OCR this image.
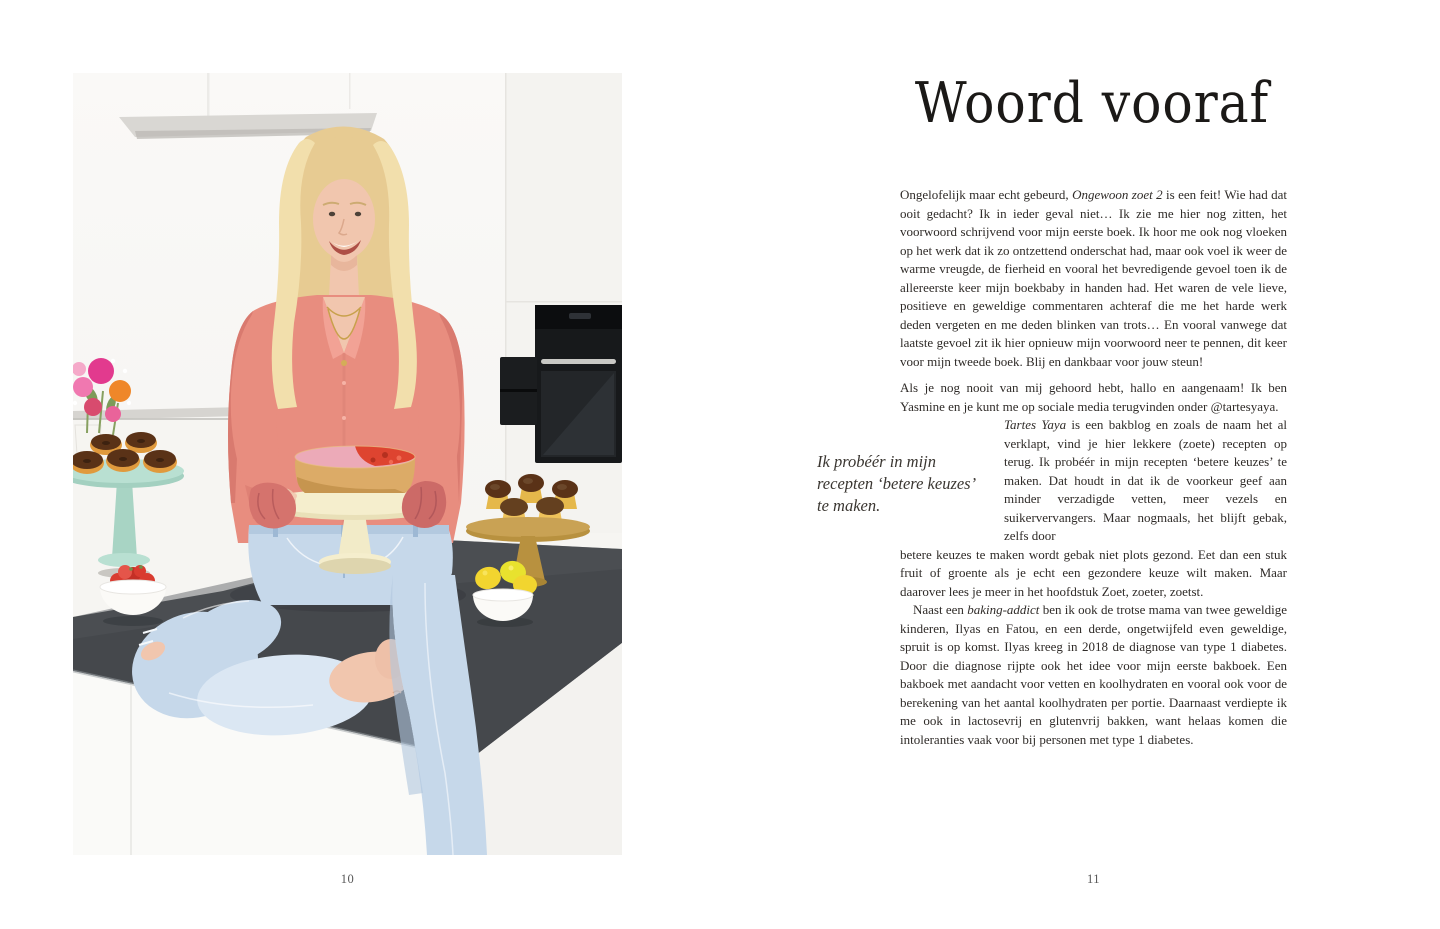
10
Woord vooraf
Ik probéér in mijn recepten ‘betere keuzes’ te maken.

Ongelofelijk maar echt gebeurd, Ongewoon zoet 2 is een feit! Wie had dat ooit gedacht? Ik in ieder geval niet… Ik zie me hier nog zitten, het voorwoord schrijvend voor mijn eerste boek. Ik hoor me ook nog vloeken op het werk dat ik zo ontzettend onderschat had, maar ook voel ik weer de warme vreugde, de fierheid en vooral het bevredigende gevoel toen ik de allereerste keer mijn boekbaby in handen had. Het waren de vele lieve, positieve en geweldige commentaren achteraf die me het harde werk deden vergeten en me deden blinken van trots… En vooral vanwege dat laatste gevoel zit ik hier opnieuw mijn voorwoord neer te pennen, dit keer voor mijn tweede boek. Blij en dankbaar voor jouw steun!

Als je nog nooit van mij gehoord hebt, hallo en aangenaam! Ik ben Yasmine en je kunt me op sociale media terugvinden onder @tartesyaya.

Tartes Yaya is een bakblog en zoals de naam het al verklapt, vind je hier lekkere (zoete) recepten op terug. Ik probéér in mijn recepten ‘betere keuzes’ te maken. Dat houdt in dat ik de voorkeur geef aan minder verzadigde vetten, meer vezels en suikervervangers. Maar nogmaals, het blijft gebak, zelfs door

betere keuzes te maken wordt gebak niet plots gezond. Eet dan een stuk fruit of groente als je echt een gezondere keuze wilt maken. Maar daarover lees je meer in het hoofdstuk Zoet, zoeter, zoetst.

Naast een baking-addict ben ik ook de trotse mama van twee geweldige kinderen, Ilyas en Fatou, en een derde, ongetwijfeld even geweldige, spruit is op komst. Ilyas kreeg in 2018 de diagnose van type 1 diabetes. Door die diagnose rijpte ook het idee voor mijn eerste bakboek. Een bakboek met aandacht voor vetten en koolhydraten en vooral ook voor de berekening van het aantal koolhydraten per portie. Daarnaast verdiepte ik me ook in lactosevrij en glutenvrij bakken, want helaas komen die intoleranties vaak voor bij personen met type 1 diabetes.

11
